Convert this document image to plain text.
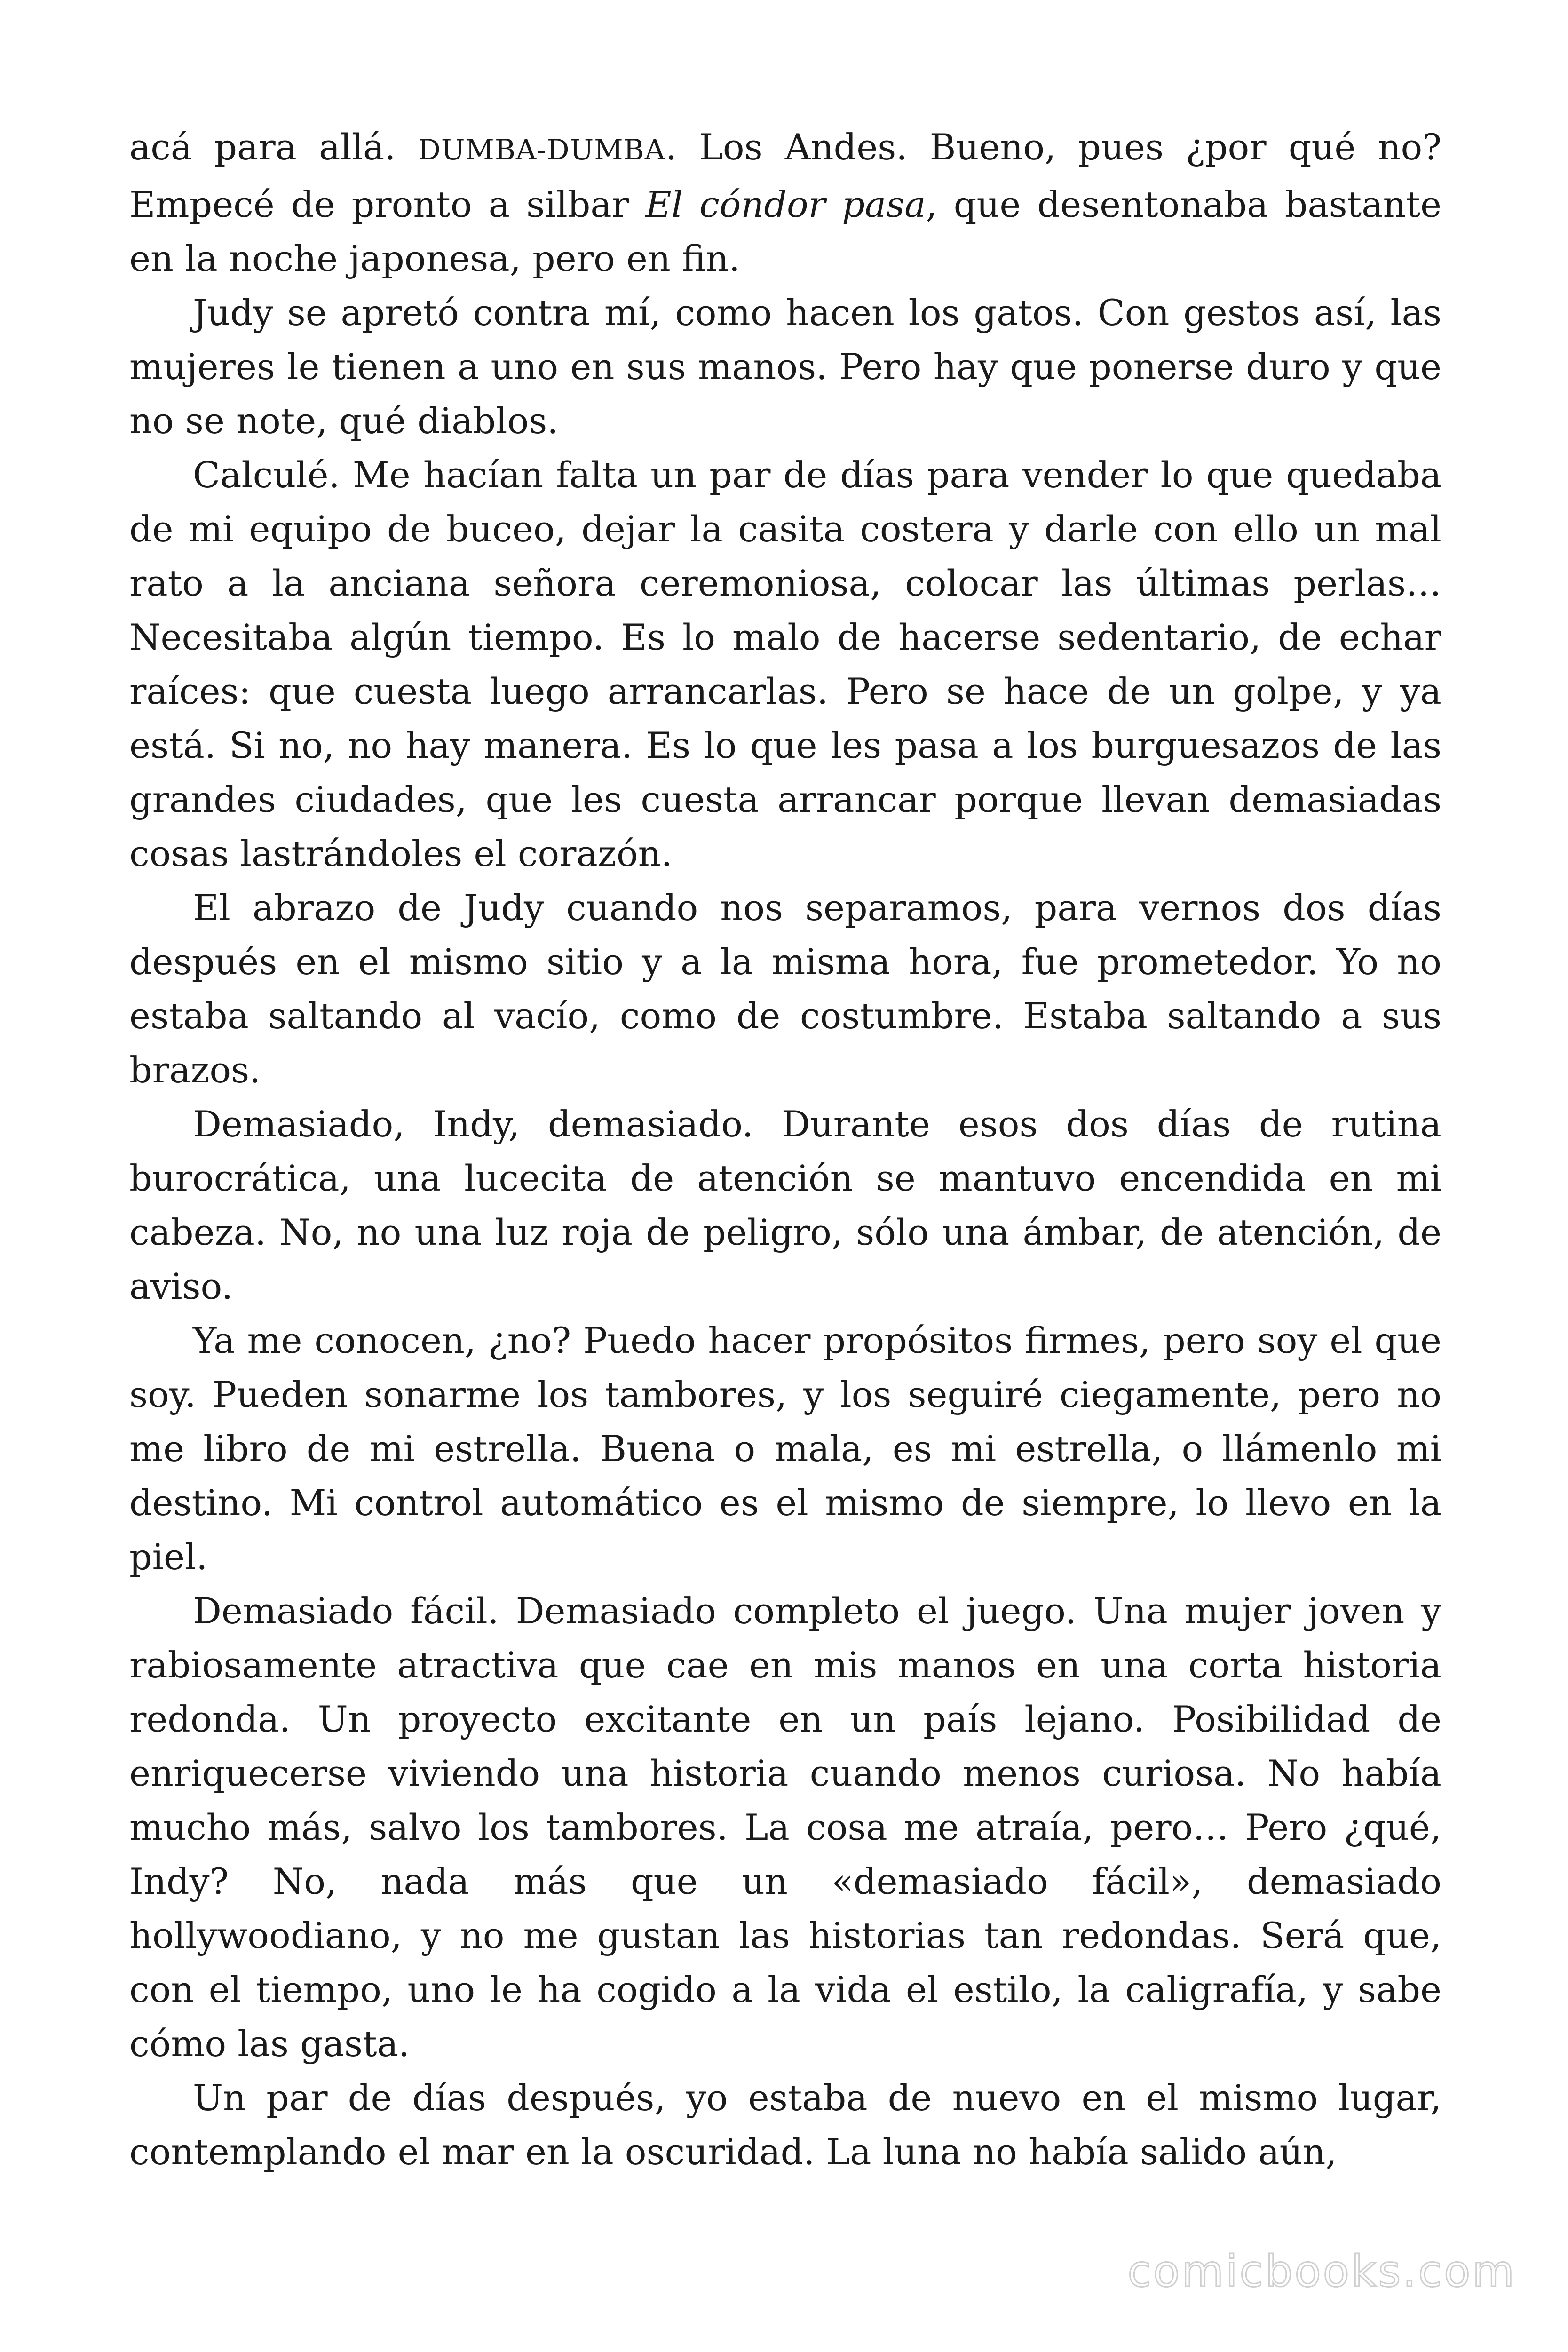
acá para allá. DUMBA-DUMBA. Los Andes. Bueno, pues ¿por qué no? Empecé de pronto a silbar El cóndor pasa, que desentonaba bastante en la noche japonesa, pero en fin.

Judy se apretó contra mí, como hacen los gatos. Con gestos así, las mujeres le tienen a uno en sus manos. Pero hay que ponerse duro y que no se note, qué diablos.

Calculé. Me hacían falta un par de días para vender lo que quedaba de mi equipo de buceo, dejar la casita costera y darle con ello un mal rato a la anciana señora ceremoniosa, colocar las últimas perlas… Necesitaba algún tiempo. Es lo malo de hacerse sedentario, de echar raíces: que cuesta luego arrancarlas. Pero se hace de un golpe, y ya está. Si no, no hay manera. Es lo que les pasa a los burguesazos de las grandes ciudades, que les cuesta arrancar porque llevan demasiadas cosas lastrándoles el corazón.

El abrazo de Judy cuando nos separamos, para vernos dos días después en el mismo sitio y a la misma hora, fue prometedor. Yo no estaba saltando al vacío, como de costumbre. Estaba saltando a sus brazos.

Demasiado, Indy, demasiado. Durante esos dos días de rutina burocrática, una lucecita de atención se mantuvo encendida en mi cabeza. No, no una luz roja de peligro, sólo una ámbar, de atención, de aviso.

Ya me conocen, ¿no? Puedo hacer propósitos firmes, pero soy el que soy. Pueden sonarme los tambores, y los seguiré ciegamente, pero no me libro de mi estrella. Buena o mala, es mi estrella, o llámenlo mi destino. Mi control automático es el mismo de siempre, lo llevo en la piel.

Demasiado fácil. Demasiado completo el juego. Una mujer joven y rabiosamente atractiva que cae en mis manos en una corta historia redonda. Un proyecto excitante en un país lejano. Posibilidad de enriquecerse viviendo una historia cuando menos curiosa. No había mucho más, salvo los tambores. La cosa me atraía, pero… Pero ¿qué, Indy? No, nada más que un «demasiado fácil», demasiado hollywoodiano, y no me gustan las historias tan redondas. Será que, con el tiempo, uno le ha cogido a la vida el estilo, la caligrafía, y sabe cómo las gasta.

Un par de días después, yo estaba de nuevo en el mismo lugar, contemplando el mar en la oscuridad. La luna no había salido aún,

comicbooks.com
